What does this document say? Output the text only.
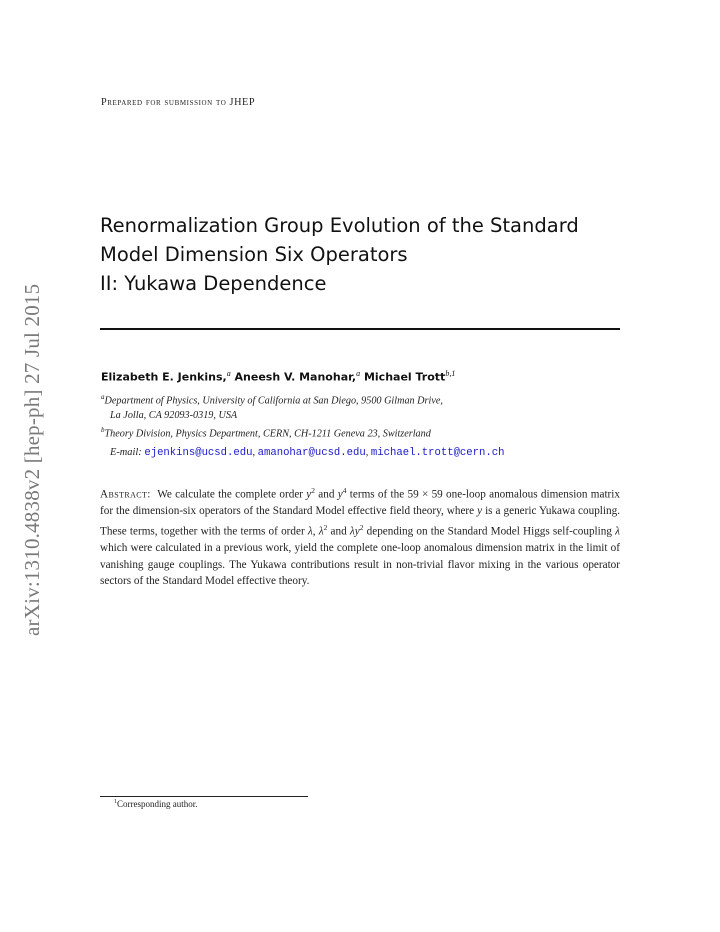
arXiv:1310.4838v2 [hep-ph] 27 Jul 2015
Prepared for submission to JHEP
Renormalization Group Evolution of the Standard
Model Dimension Six Operators
II: Yukawa Dependence
Elizabeth E. Jenkins,$^a$ Aneesh V. Manohar,$^a$ Michael Trott$^{b,1}$
$^a$Department of Physics, University of California at San Diego, 9500 Gilman Drive,
La Jolla, CA 92093-0319, USA
$^b$Theory Division, Physics Department, CERN, CH-1211 Geneva 23, Switzerland
E-mail: ejenkins@ucsd.edu, amanohar@ucsd.edu, michael.trott@cern.ch
Abstract: We calculate the complete order $y^2$ and $y^4$ terms of the 59 × 59 one-loop anomalous dimension matrix for the dimension-six operators of the Standard Model effective field theory, where y is a generic Yukawa coupling. These terms, together with the terms of order λ, $\lambda^2$ and $\lambda y^2$ depending on the Standard Model Higgs self-coupling λ which were calculated in a previous work, yield the complete one-loop anomalous dimension matrix in the limit of vanishing gauge couplings. The Yukawa contributions result in non-trivial flavor mixing in the various operator sectors of the Standard Model effective theory.
$^1$Corresponding author.
